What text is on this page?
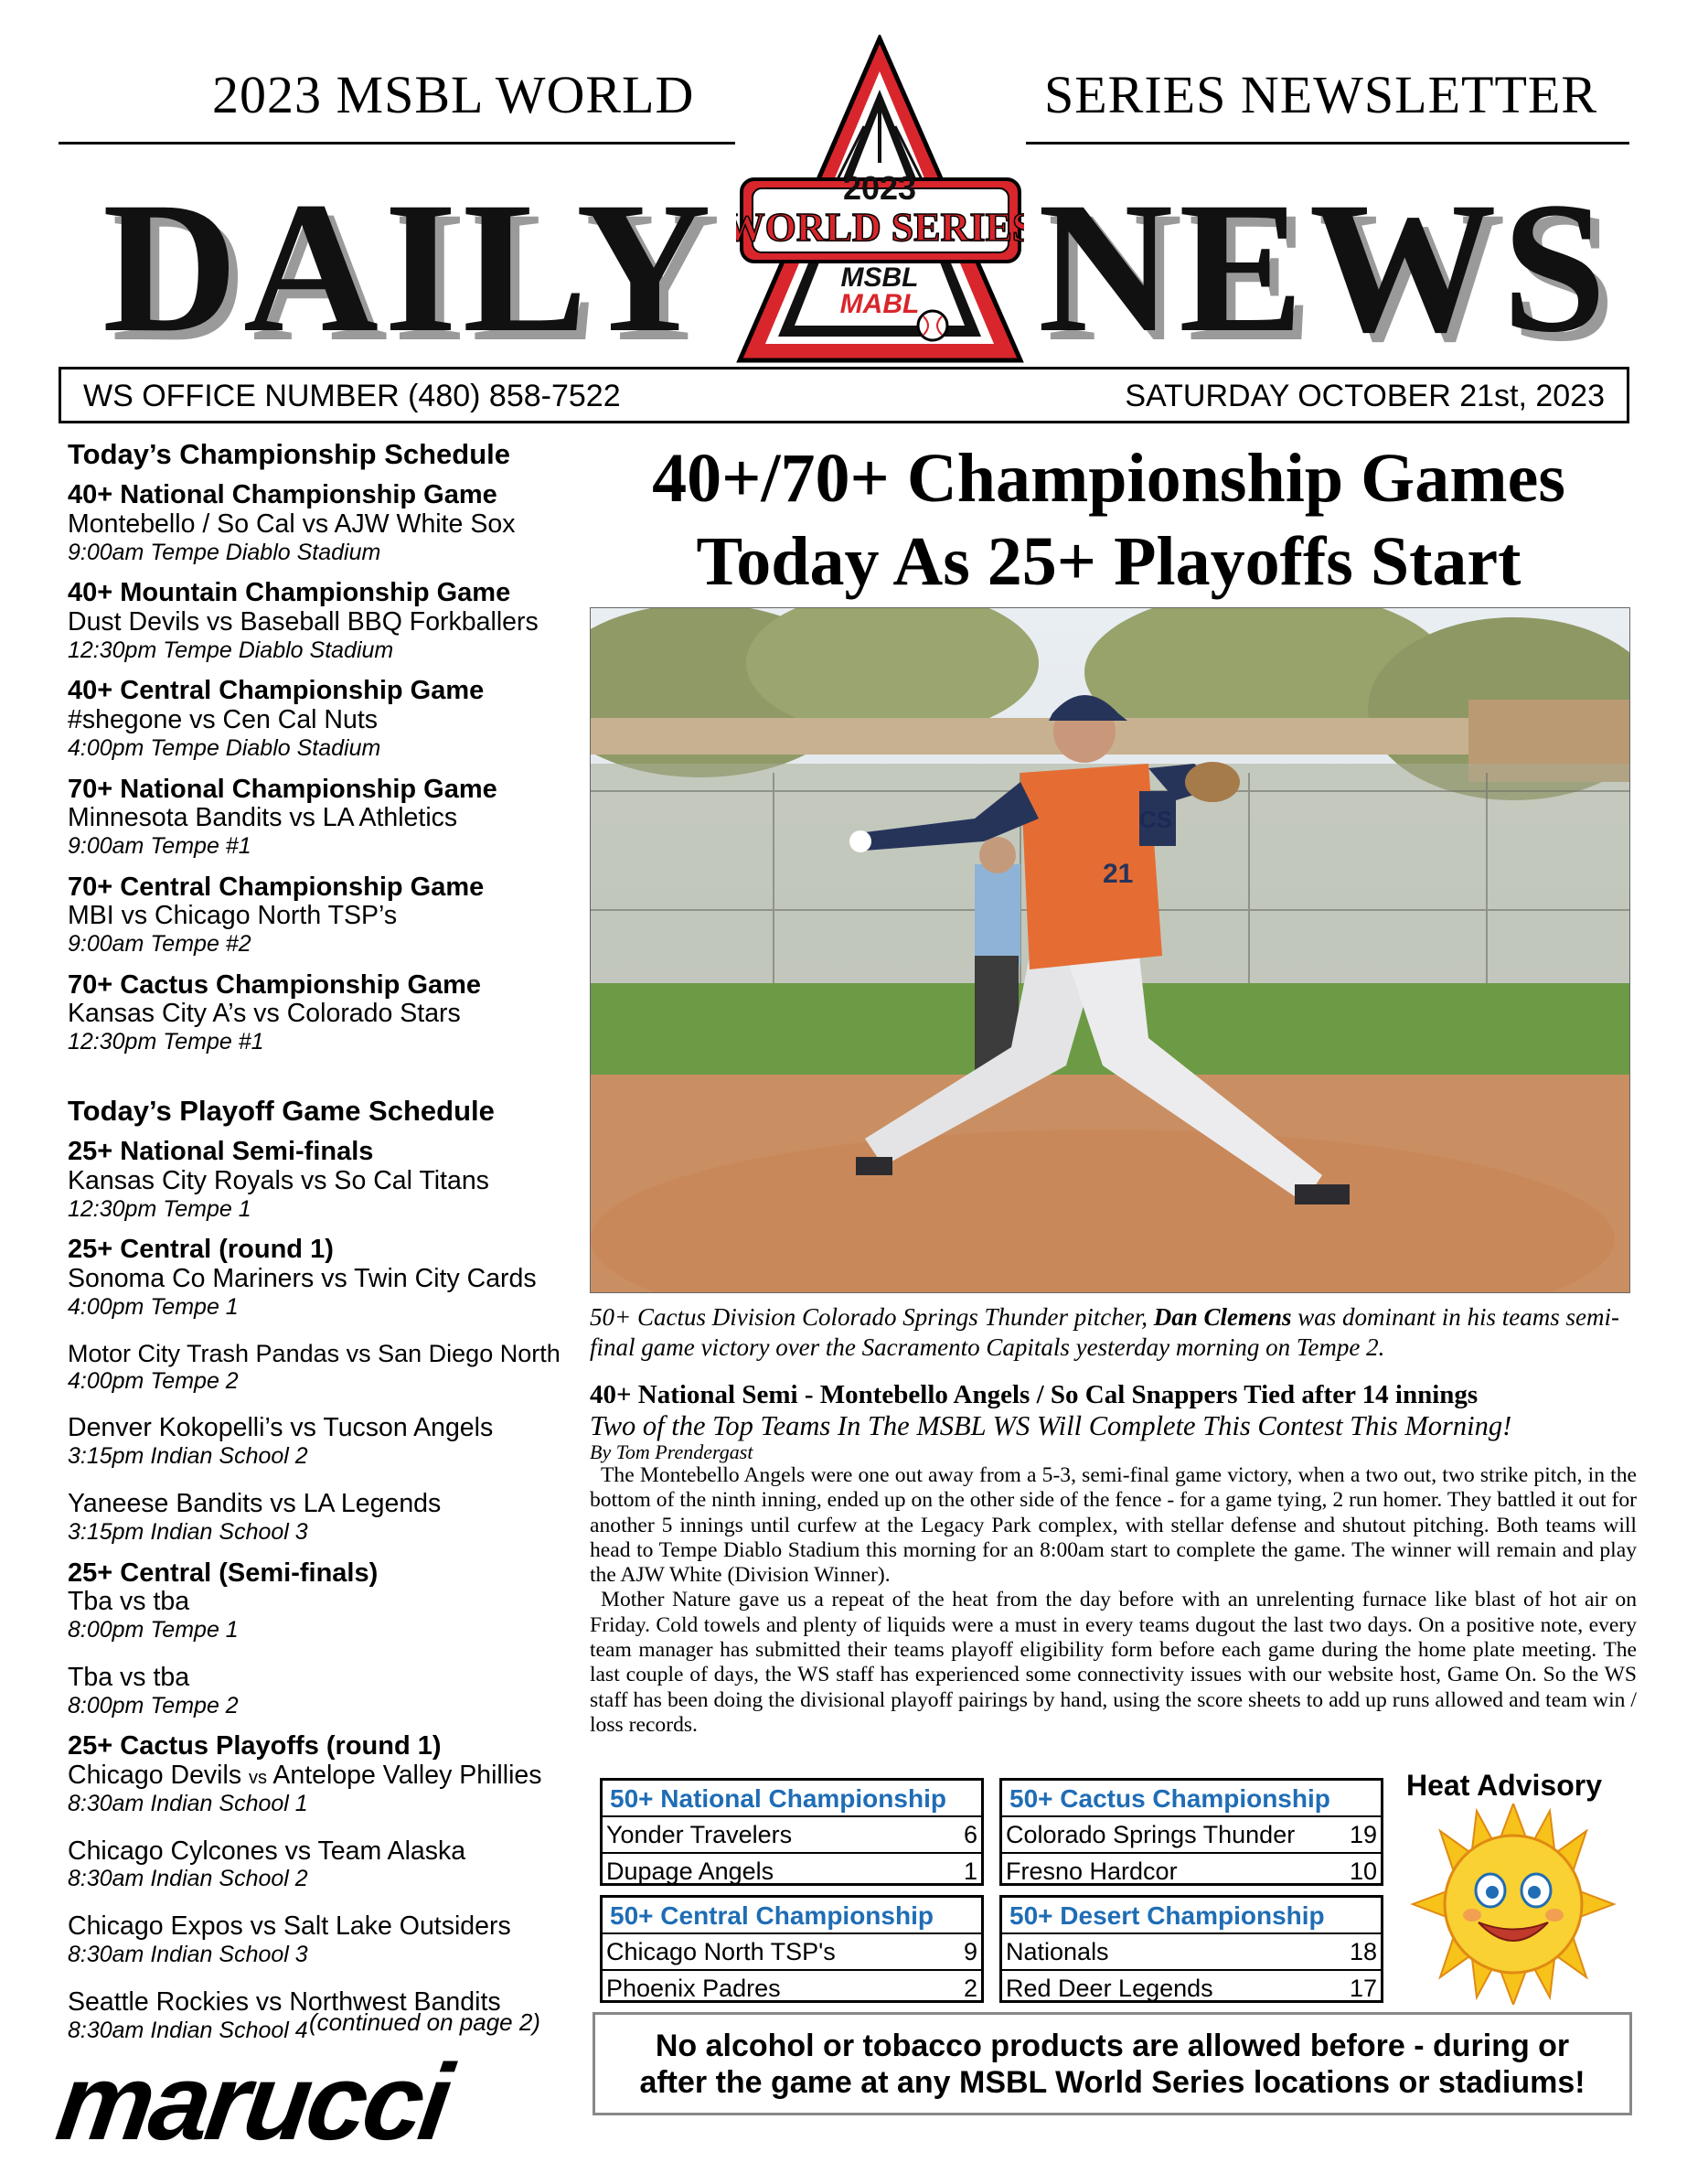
2023 MSBL WORLD	SERIES NEWSLETTER
DAILY NEWS
2023
WORLD SERIES
MSBL
MABL
WS OFFICE NUMBER (480) 858-7522	SATURDAY OCTOBER 21st, 2023
Today’s Championship Schedule
40+ National Championship Game
Montebello / So Cal vs AJW White Sox
9:00am Tempe Diablo Stadium
40+ Mountain Championship Game
Dust Devils vs Baseball BBQ Forkballers
12:30pm Tempe Diablo Stadium
40+ Central Championship Game
#shegone vs Cen Cal Nuts
4:00pm Tempe Diablo Stadium
70+ National Championship Game
Minnesota Bandits vs LA Athletics
9:00am Tempe #1
70+ Central Championship Game
MBI vs Chicago North TSP’s
9:00am Tempe #2
70+ Cactus Championship Game
Kansas City A’s vs Colorado Stars
12:30pm Tempe #1
Today’s Playoff Game Schedule
25+ National Semi-finals
Kansas City Royals vs So Cal Titans
12:30pm Tempe 1
25+ Central (round 1)
Sonoma Co Mariners vs Twin City Cards
4:00pm Tempe 1
Motor City Trash Pandas vs San Diego North
4:00pm Tempe 2
Denver Kokopelli’s vs Tucson Angels
3:15pm Indian School 2
Yaneese Bandits vs LA Legends
3:15pm Indian School 3
25+ Central (Semi-finals)
Tba vs tba
8:00pm Tempe 1
Tba vs tba
8:00pm Tempe 2
25+ Cactus Playoffs (round 1)
Chicago Devils vs Antelope Valley Phillies
8:30am Indian School 1
Chicago Cylcones vs Team Alaska
8:30am Indian School 2
Chicago Expos vs Salt Lake Outsiders
8:30am Indian School 3
Seattle Rockies vs Northwest Bandits
8:30am Indian School 4 (continued on page 2)
marucci
40+/70+ Championship Games
Today As 25+ Playoffs Start
21
CS
50+ Cactus Division Colorado Springs Thunder pitcher, Dan Clemens was dominant in his teams semi-final game victory over the Sacramento Capitals yesterday morning on Tempe 2.
40+ National Semi - Montebello Angels / So Cal Snappers Tied after 14 innings
Two of the Top Teams In The MSBL WS Will Complete This Contest This Morning!
By Tom Prendergast

The Montebello Angels were one out away from a 5-3, semi-final game victory, when a two out, two strike pitch, in the bottom of the ninth inning, ended up on the other side of the fence - for a game tying, 2 run homer. They battled it out for another 5 innings until curfew at the Legacy Park complex, with stellar defense and shutout pitching. Both teams will head to Tempe Diablo Stadium this morning for an 8:00am start to complete the game. The winner will remain and play the AJW White (Division Winner).

Mother Nature gave us a repeat of the heat from the day before with an unrelenting furnace like blast of hot air on Friday. Cold towels and plenty of liquids were a must in every teams dugout the last two days. On a positive note, every team manager has submitted their teams playoff eligibility form before each game during the home plate meeting. The last couple of days, the WS staff has experienced some connectivity issues with our website host, Game On. So the WS staff has been doing the divisional playoff pairings by hand, using the score sheets to add up runs allowed and team win / loss records.

50+ National Championship
Yonder Travelers	6
Dupage Angels	1
50+ Cactus Championship
Colorado Springs Thunder 19
Fresno Hardcor	10
50+ Central Championship
Chicago North TSP's	9
Phoenix Padres	2
50+ Desert Championship
Nationals	18
Red Deer Legends	17
Heat Advisory
No alcohol or tobacco products are allowed before - during or
after the game at any MSBL World Series locations or stadiums!
